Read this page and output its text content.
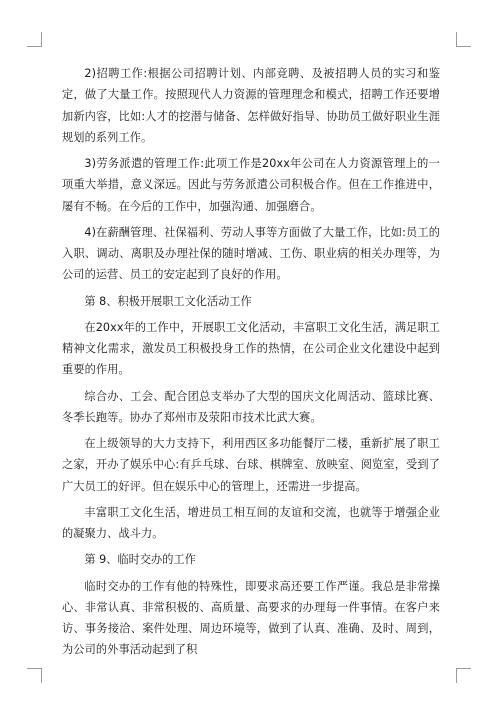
2)招聘工作:根据公司招聘计划、内部竞聘、及被招聘人员的实习和鉴定，做了大量工作。按照现代人力资源的管理理念和模式，招聘工作还要增加新内容，比如:人才的挖潜与储备、怎样做好指导、协助员工做好职业生涯规划的系列工作。

3)劳务派遣的管理工作:此项工作是20xx年公司在人力资源管理上的一项重大举措，意义深远。因此与劳务派遣公司积极合作。但在工作推进中，屡有不畅。在今后的工作中，加强沟通、加强磨合。

4)在薪酬管理、社保福利、劳动人事等方面做了大量工作，比如:员工的入职、调动、离职及办理社保的随时增减、工伤、职业病的相关办理等，为公司的运营、员工的安定起到了良好的作用。

第 8、积极开展职工文化活动工作

在20xx年的工作中，开展职工文化活动，丰富职工文化生活，满足职工精神文化需求，激发员工积极投身工作的热情，在公司企业文化建设中起到重要的作用。

综合办、工会、配合团总支举办了大型的国庆文化周活动、篮球比赛、冬季长跑等。协办了郑州市及荥阳市技术比武大赛。

在上级领导的大力支持下，利用西区多功能餐厅二楼，重新扩展了职工之家，开办了娱乐中心:有乒乓球、台球、棋牌室、放映室、阅览室，受到了广大员工的好评。但在娱乐中心的管理上，还需进一步提高。

丰富职工文化生活，增进员工相互间的友谊和交流，也就等于增强企业的凝聚力、战斗力。

第 9、临时交办的工作

临时交办的工作有他的特殊性，即要求高还要工作严谨。我总是非常操心、非常认真、非常积极的、高质量、高要求的办理每一件事情。在客户来访、事务接洽、案件处理、周边环境等，做到了认真、准确、及时、周到，为公司的外事活动起到了积
